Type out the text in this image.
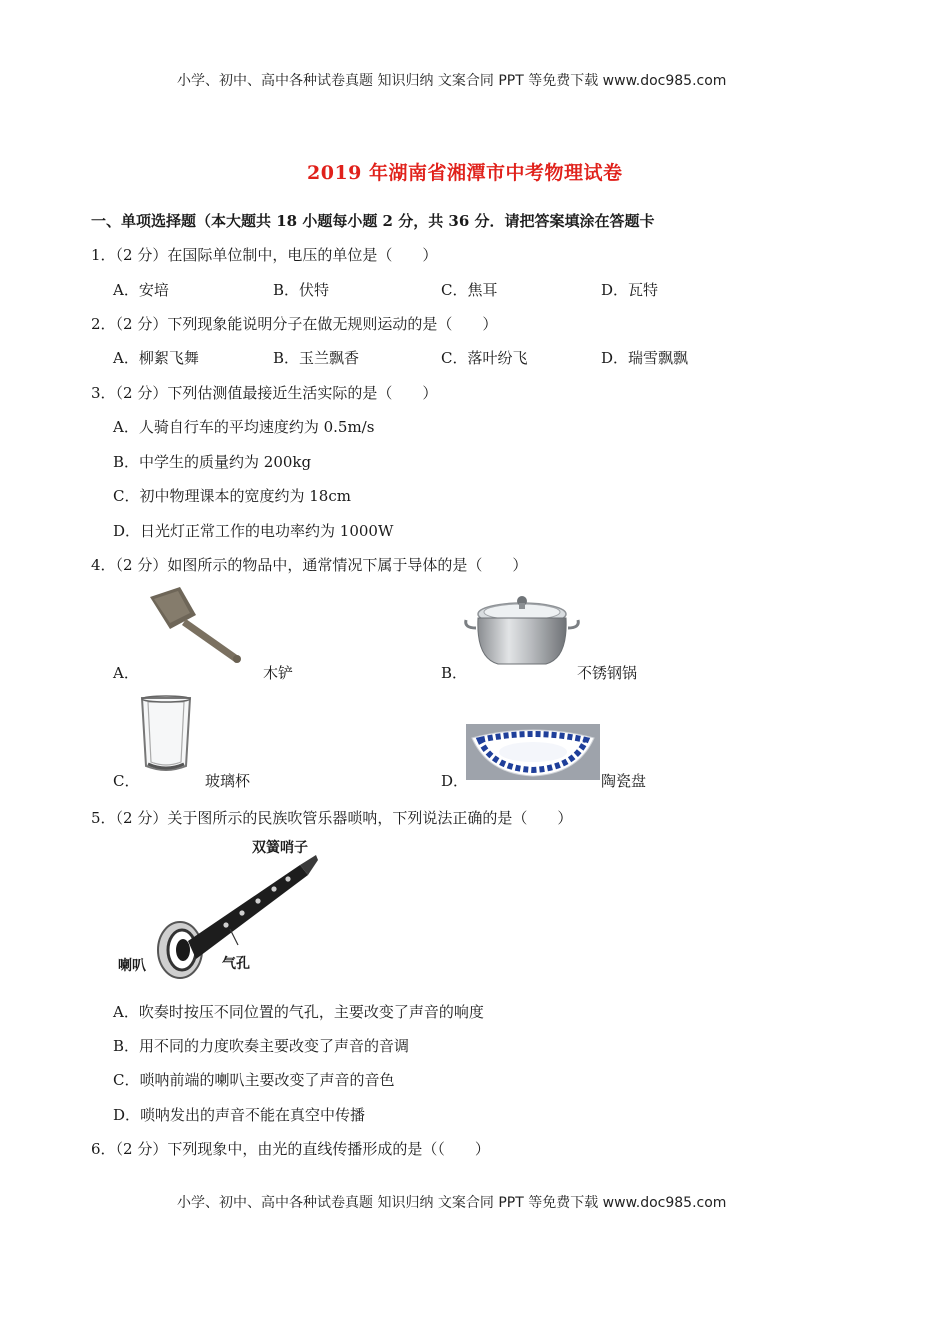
小学、初中、高中各种试卷真题 知识归纳 文案合同 PPT 等免费下载 www.doc985.com
小学、初中、高中各种试卷真题 知识归纳 文案合同 PPT 等免费下载 www.doc985.com
2019 年湖南省湘潭市中考物理试卷
一、单项选择题（本大题共 18 小题每小题 2 分，共 36 分．请把答案填涂在答题卡
1．（2 分）在国际单位制中，电压的单位是（　　）
A．安培	B．伏特	C．焦耳	D．瓦特
2．（2 分）下列现象能说明分子在做无规则运动的是（　　）
A．柳絮飞舞	B．玉兰飘香	C．落叶纷飞	D．瑞雪飘飘
3．（2 分）下列估测值最接近生活实际的是（　　）
A．人骑自行车的平均速度约为 0.5m/s
B．中学生的质量约为 200kg
C．初中物理课本的宽度约为 18cm
D．日光灯正常工作的电功率约为 1000W
4．（2 分）如图所示的物品中，通常情况下属于导体的是（　　）
A．	木铲	B．	不锈钢锅
C．	玻璃杯	D．	陶瓷盘
5．（2 分）关于图所示的民族吹管乐器唢呐，下列说法正确的是（　　）
双簧哨子
喇叭	气孔
A．吹奏时按压不同位置的气孔，主要改变了声音的响度
B．用不同的力度吹奏主要改变了声音的音调
C．唢呐前端的喇叭主要改变了声音的音色
D．唢呐发出的声音不能在真空中传播
6．（2 分）下列现象中，由光的直线传播形成的是（（　　）
